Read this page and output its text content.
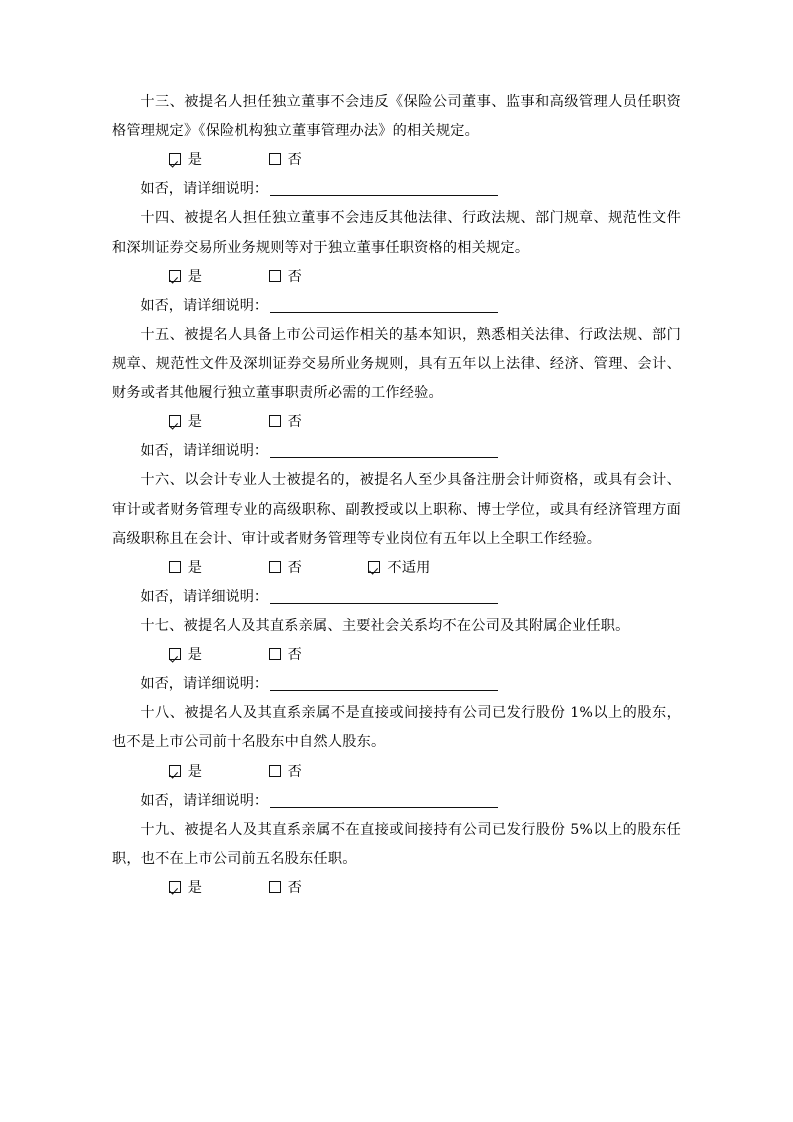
十三、被提名人担任独立董事不会违反《保险公司董事、监事和高级管理人员任职资格管理规定》《保险机构独立董事管理办法》的相关规定。

是	否
如否，请详细说明：

十四、被提名人担任独立董事不会违反其他法律、行政法规、部门规章、规范性文件和深圳证券交易所业务规则等对于独立董事任职资格的相关规定。

是	否
如否，请详细说明：

十五、被提名人具备上市公司运作相关的基本知识，熟悉相关法律、行政法规、部门规章、规范性文件及深圳证券交易所业务规则，具有五年以上法律、经济、管理、会计、财务或者其他履行独立董事职责所必需的工作经验。

是	否
如否，请详细说明：

十六、以会计专业人士被提名的，被提名人至少具备注册会计师资格，或具有会计、审计或者财务管理专业的高级职称、副教授或以上职称、博士学位，或具有经济管理方面高级职称且在会计、审计或者财务管理等专业岗位有五年以上全职工作经验。

是	否	不适用
如否，请详细说明：

十七、被提名人及其直系亲属、主要社会关系均不在公司及其附属企业任职。

是	否
如否，请详细说明：

十八、被提名人及其直系亲属不是直接或间接持有公司已发行股份 1%以上的股东，也不是上市公司前十名股东中自然人股东。

是	否
如否，请详细说明：

十九、被提名人及其直系亲属不在直接或间接持有公司已发行股份 5%以上的股东任职，也不在上市公司前五名股东任职。

是	否
